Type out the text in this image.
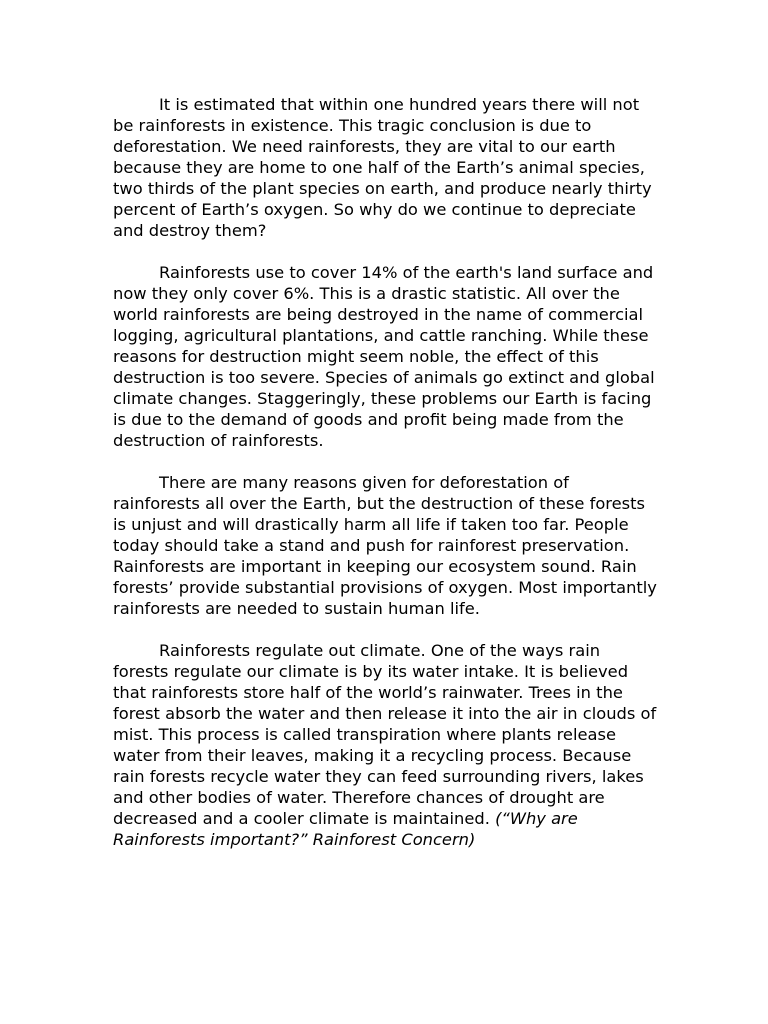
It is estimated that within one hundred years there will not be rainforests in existence. This tragic conclusion is due to deforestation. We need rainforests, they are vital to our earth because they are home to one half of the Earth’s animal species, two thirds of the plant species on earth, and produce nearly thirty percent of Earth’s oxygen. So why do we continue to depreciate and destroy them?

Rainforests use to cover 14% of the earth's land surface and now they only cover 6%. This is a drastic statistic. All over the world rainforests are being destroyed in the name of commercial logging, agricultural plantations, and cattle ranching. While these reasons for destruction might seem noble, the effect of this destruction is too severe. Species of animals go extinct and global climate changes. Staggeringly, these problems our Earth is facing is due to the demand of goods and profit being made from the destruction of rainforests.

There are many reasons given for deforestation of rainforests all over the Earth, but the destruction of these forests is unjust and will drastically harm all life if taken too far. People today should take a stand and push for rainforest preservation. Rainforests are important in keeping our ecosystem sound. Rain forests’ provide substantial provisions of oxygen. Most importantly rainforests are needed to sustain human life.

Rainforests regulate out climate. One of the ways rain forests regulate our climate is by its water intake. It is believed that rainforests store half of the world’s rainwater. Trees in the forest absorb the water and then release it into the air in clouds of mist. This process is called transpiration where plants release water from their leaves, making it a recycling process. Because rain forests recycle water they can feed surrounding rivers, lakes and other bodies of water. Therefore chances of drought are decreased and a cooler climate is maintained. (“Why are Rainforests important?” Rainforest Concern)
